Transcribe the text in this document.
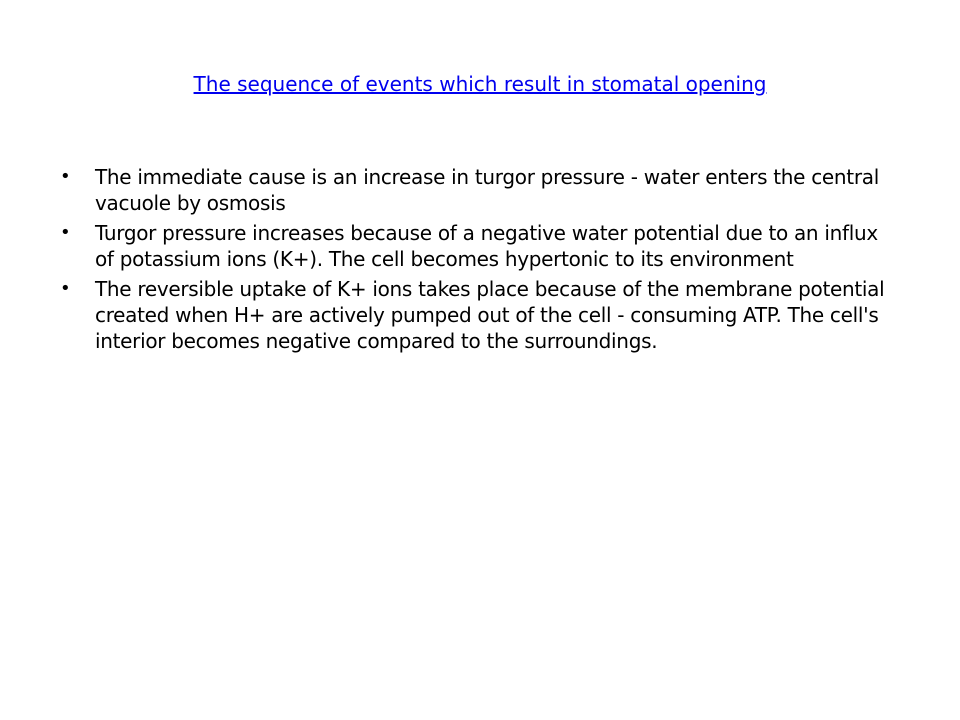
The sequence of events which result in stomatal opening
•	The immediate cause is an increase in turgor pressure - water enters the central vacuole by osmosis
•	Turgor pressure increases because of a negative water potential due to an influx of potassium ions (K+). The cell becomes hypertonic to its environment
•	The reversible uptake of K+ ions takes place because of the membrane potential created when H+ are actively pumped out of the cell - consuming ATP. The cell's interior becomes negative compared to the surroundings.
